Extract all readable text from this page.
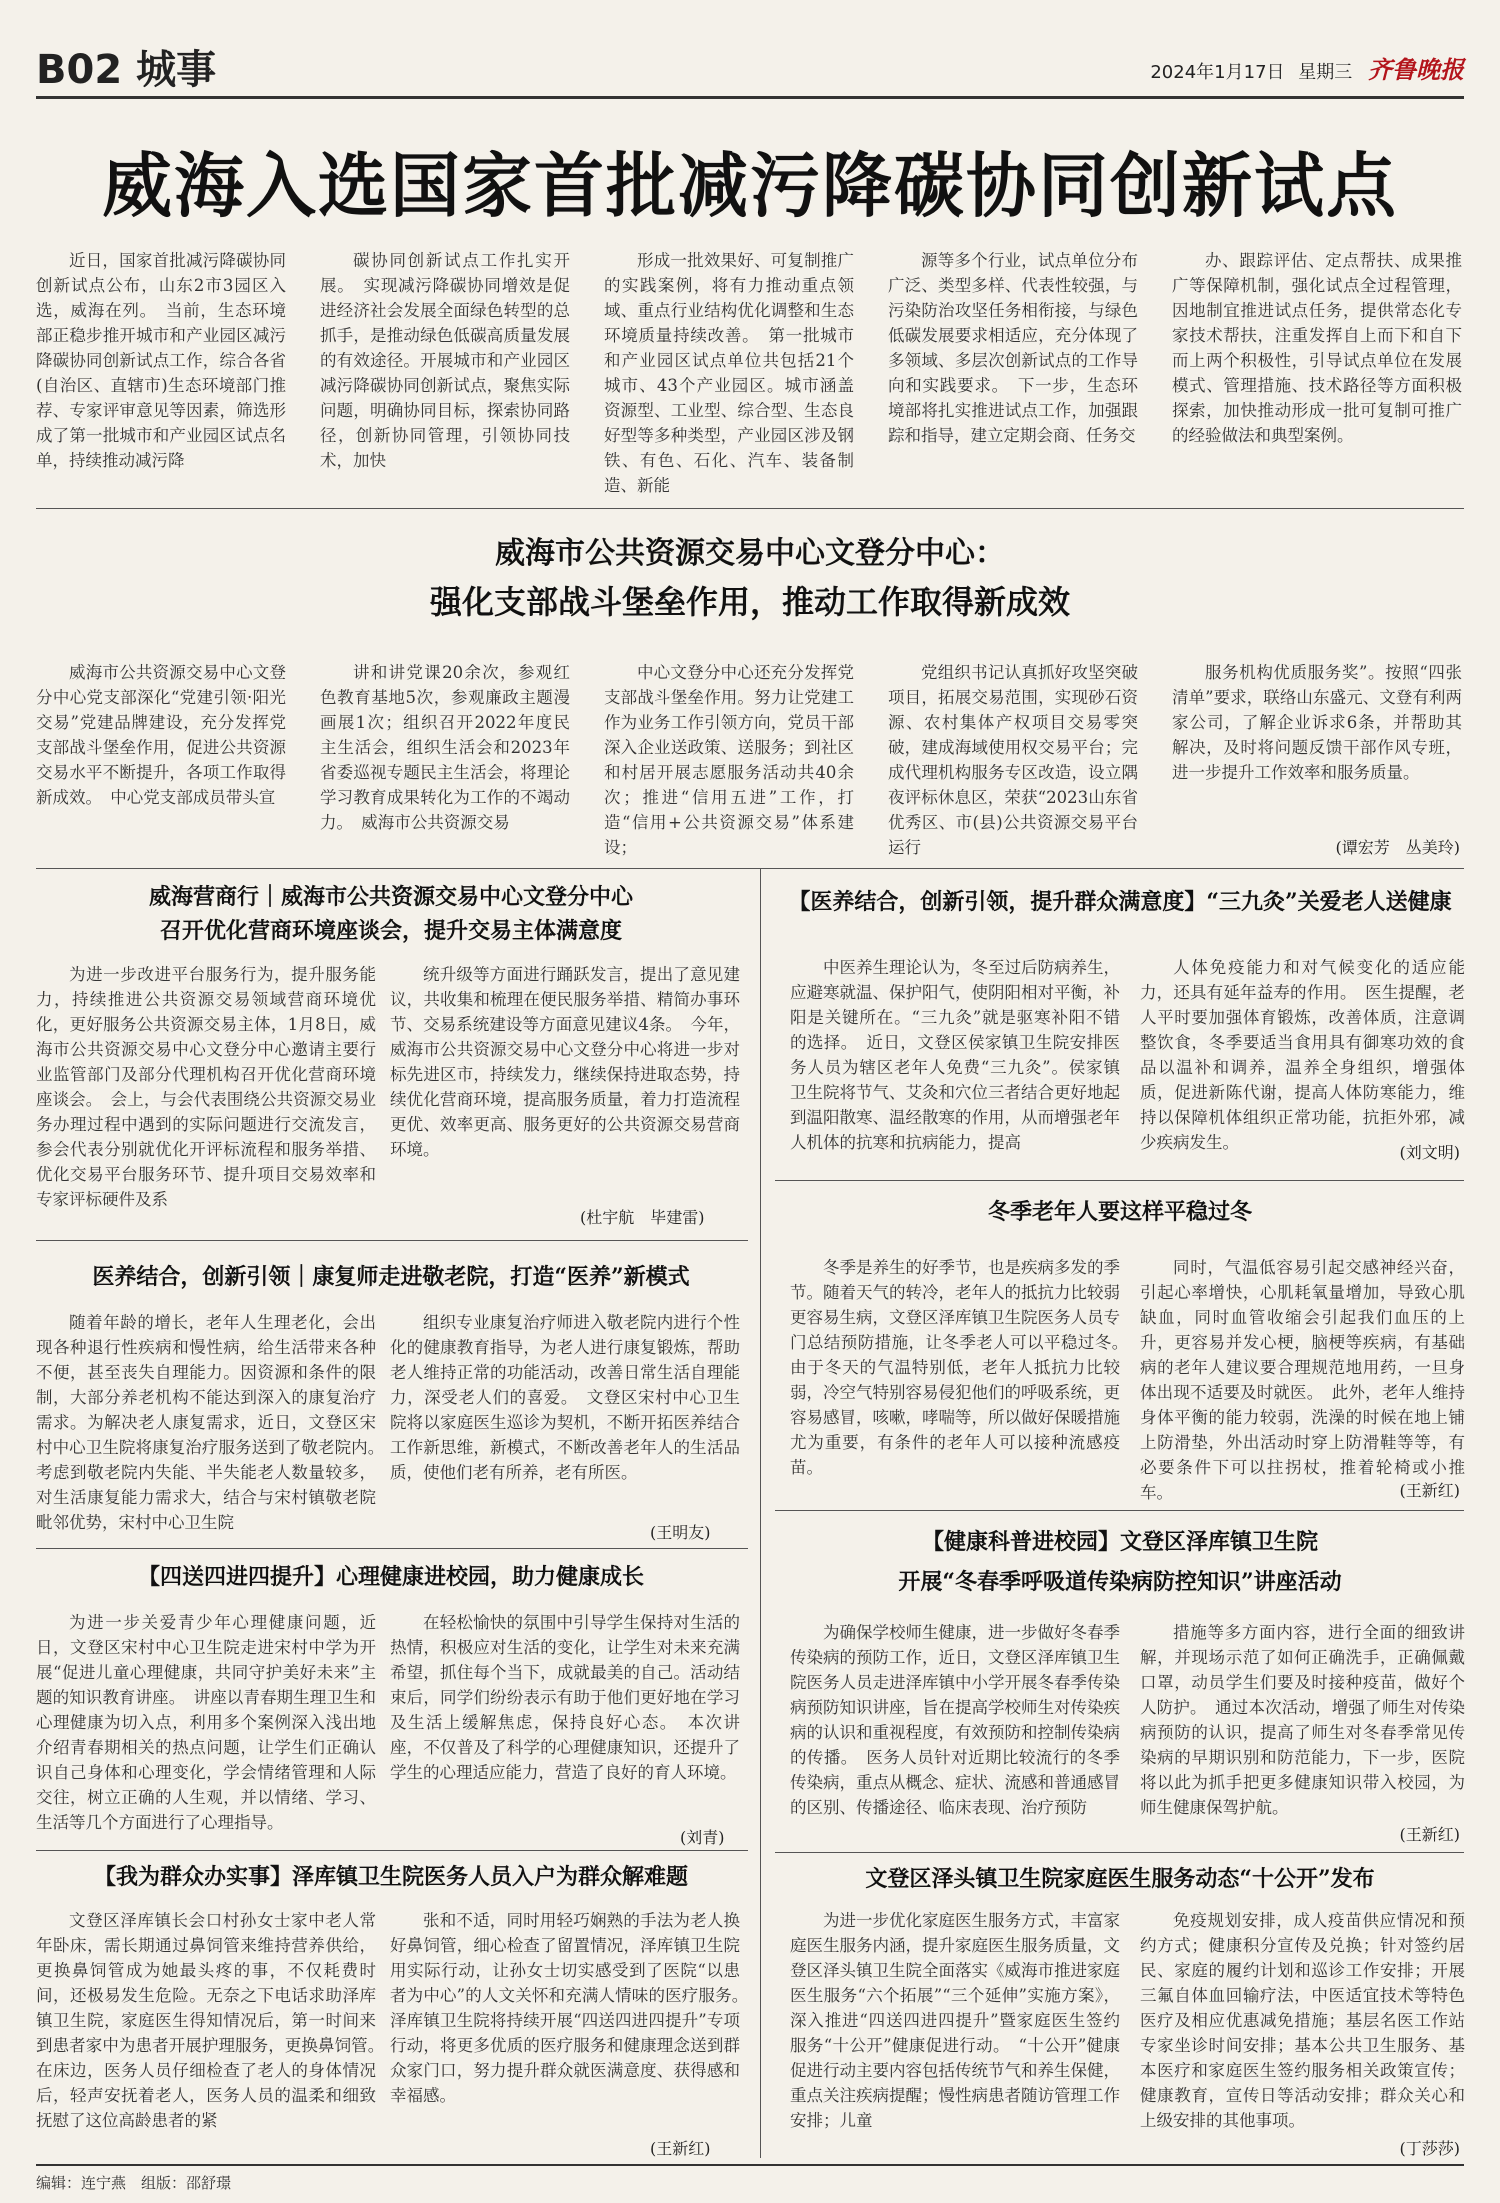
B02 城事	2024年1月17日 星期三 齐鲁晚报
威海入选国家首批减污降碳协同创新试点

近日，国家首批减污降碳协同创新试点公布，山东2市3园区入选，威海在列。　当前，生态环境部正稳步推开城市和产业园区减污降碳协同创新试点工作，综合各省(自治区、直辖市)生态环境部门推荐、专家评审意见等因素，筛选形成了第一批城市和产业园区试点名单，持续推动减污降

碳协同创新试点工作扎实开展。　实现减污降碳协同增效是促进经济社会发展全面绿色转型的总抓手，是推动绿色低碳高质量发展的有效途径。开展城市和产业园区减污降碳协同创新试点，聚焦实际问题，明确协同目标，探索协同路径，创新协同管理，引领协同技术，加快

形成一批效果好、可复制推广的实践案例，将有力推动重点领域、重点行业结构优化调整和生态环境质量持续改善。　第一批城市和产业园区试点单位共包括21个城市、43个产业园区。城市涵盖资源型、工业型、综合型、生态良好型等多种类型，产业园区涉及钢铁、有色、石化、汽车、装备制造、新能

源等多个行业，试点单位分布广泛、类型多样、代表性较强，与污染防治攻坚任务相衔接，与绿色低碳发展要求相适应，充分体现了多领域、多层次创新试点的工作导向和实践要求。　下一步，生态环境部将扎实推进试点工作，加强跟踪和指导，建立定期会商、任务交

办、跟踪评估、定点帮扶、成果推广等保障机制，强化试点全过程管理，因地制宜推进试点任务，提供常态化专家技术帮扶，注重发挥自上而下和自下而上两个积极性，引导试点单位在发展模式、管理措施、技术路径等方面积极探索，加快推动形成一批可复制可推广的经验做法和典型案例。

威海市公共资源交易中心文登分中心：
强化支部战斗堡垒作用，推动工作取得新成效

威海市公共资源交易中心文登分中心党支部深化“党建引领·阳光交易”党建品牌建设，充分发挥党支部战斗堡垒作用，促进公共资源交易水平不断提升，各项工作取得新成效。　中心党支部成员带头宣

讲和讲党课20余次，参观红色教育基地5次，参观廉政主题漫画展1次；组织召开2022年度民主生活会，组织生活会和2023年省委巡视专题民主生活会，将理论学习教育成果转化为工作的不竭动力。　威海市公共资源交易

中心文登分中心还充分发挥党支部战斗堡垒作用。努力让党建工作为业务工作引领方向，党员干部深入企业送政策、送服务；到社区和村居开展志愿服务活动共40余次；推进“信用五进”工作，打造“信用+公共资源交易”体系建设；

党组织书记认真抓好攻坚突破项目，拓展交易范围，实现砂石资源、农村集体产权项目交易零突破，建成海域使用权交易平台；完成代理机构服务专区改造，设立隅夜评标休息区，荣获“2023山东省优秀区、市(县)公共资源交易平台运行

服务机构优质服务奖”。按照“四张清单”要求，联络山东盛元、文登有利两家公司，了解企业诉求6条，并帮助其解决，及时将问题反馈干部作风专班，进一步提升工作效率和服务质量。

(谭宏芳　丛美玲)
威海营商行｜威海市公共资源交易中心文登分中心
召开优化营商环境座谈会，提升交易主体满意度

为进一步改进平台服务行为，提升服务能力，持续推进公共资源交易领域营商环境优化，更好服务公共资源交易主体，1月8日，威海市公共资源交易中心文登分中心邀请主要行业监管部门及部分代理机构召开优化营商环境座谈会。　会上，与会代表围绕公共资源交易业务办理过程中遇到的实际问题进行交流发言，参会代表分别就优化开评标流程和服务举措、优化交易平台服务环节、提升项目交易效率和专家评标硬件及系

统升级等方面进行踊跃发言，提出了意见建议，共收集和梳理在便民服务举措、精简办事环节、交易系统建设等方面意见建议4条。　今年，威海市公共资源交易中心文登分中心将进一步对标先进区市，持续发力，继续保持进取态势，持续优化营商环境，提高服务质量，着力打造流程更优、效率更高、服务更好的公共资源交易营商环境。

(杜宇航　毕建雷)
医养结合，创新引领｜康复师走进敬老院，打造“医养”新模式

随着年龄的增长，老年人生理老化，会出现各种退行性疾病和慢性病，给生活带来各种不便，甚至丧失自理能力。因资源和条件的限制，大部分养老机构不能达到深入的康复治疗需求。为解决老人康复需求，近日，文登区宋村中心卫生院将康复治疗服务送到了敬老院内。　考虑到敬老院内失能、半失能老人数量较多，对生活康复能力需求大，结合与宋村镇敬老院毗邻优势，宋村中心卫生院

组织专业康复治疗师进入敬老院内进行个性化的健康教育指导，为老人进行康复锻炼，帮助老人维持正常的功能活动，改善日常生活自理能力，深受老人们的喜爱。　文登区宋村中心卫生院将以家庭医生巡诊为契机，不断开拓医养结合工作新思维，新模式，不断改善老年人的生活品质，使他们老有所养，老有所医。

(王明友)
【四送四进四提升】心理健康进校园，助力健康成长

为进一步关爱青少年心理健康问题，近日，文登区宋村中心卫生院走进宋村中学为开展“促进儿童心理健康，共同守护美好未来”主题的知识教育讲座。　讲座以青春期生理卫生和心理健康为切入点，利用多个案例深入浅出地介绍青春期相关的热点问题，让学生们正确认识自己身体和心理变化，学会情绪管理和人际交往，树立正确的人生观，并以情绪、学习、生活等几个方面进行了心理指导。

在轻松愉快的氛围中引导学生保持对生活的热情，积极应对生活的变化，让学生对未来充满希望，抓住每个当下，成就最美的自己。活动结束后，同学们纷纷表示有助于他们更好地在学习及生活上缓解焦虑，保持良好心态。　本次讲座，不仅普及了科学的心理健康知识，还提升了学生的心理适应能力，营造了良好的育人环境。

(刘青)
【我为群众办实事】泽库镇卫生院医务人员入户为群众解难题

文登区泽库镇长会口村孙女士家中老人常年卧床，需长期通过鼻饲管来维持营养供给，更换鼻饲管成为她最头疼的事，不仅耗费时间，还极易发生危险。无奈之下电话求助泽库镇卫生院，家庭医生得知情况后，第一时间来到患者家中为患者开展护理服务，更换鼻饲管。　在床边，医务人员仔细检查了老人的身体情况后，轻声安抚着老人，医务人员的温柔和细致抚慰了这位高龄患者的紧

张和不适，同时用轻巧娴熟的手法为老人换好鼻饲管，细心检查了留置情况，泽库镇卫生院用实际行动，让孙女士切实感受到了医院“以患者为中心”的人文关怀和充满人情味的医疗服务。　泽库镇卫生院将持续开展“四送四进四提升”专项行动，将更多优质的医疗服务和健康理念送到群众家门口，努力提升群众就医满意度、获得感和幸福感。

(王新红)
【医养结合，创新引领，提升群众满意度】“三九灸”关爱老人送健康

中医养生理论认为，冬至过后防病养生，应避寒就温、保护阳气，使阴阳相对平衡，补阳是关键所在。“三九灸”就是驱寒补阳不错的选择。　近日，文登区侯家镇卫生院安排医务人员为辖区老年人免费“三九灸”。侯家镇卫生院将节气、艾灸和穴位三者结合更好地起到温阳散寒、温经散寒的作用，从而增强老年人机体的抗寒和抗病能力，提高

人体免疫能力和对气候变化的适应能力，还具有延年益寿的作用。　医生提醒，老人平时要加强体育锻炼，改善体质，注意调整饮食，冬季要适当食用具有御寒功效的食品以温补和调养，温养全身组织，增强体质，促进新陈代谢，提高人体防寒能力，维持以保障机体组织正常功能，抗拒外邪，减少疾病发生。

(刘文明)
冬季老年人要这样平稳过冬

冬季是养生的好季节，也是疾病多发的季节。随着天气的转冷，老年人的抵抗力比较弱更容易生病，文登区泽库镇卫生院医务人员专门总结预防措施，让冬季老人可以平稳过冬。　由于冬天的气温特别低，老年人抵抗力比较弱，冷空气特别容易侵犯他们的呼吸系统，更容易感冒，咳嗽，哮喘等，所以做好保暖措施尤为重要，有条件的老年人可以接种流感疫苗。

同时，气温低容易引起交感神经兴奋，引起心率增快，心肌耗氧量增加，导致心肌缺血，同时血管收缩会引起我们血压的上升，更容易并发心梗，脑梗等疾病，有基础病的老年人建议要合理规范地用药，一旦身体出现不适要及时就医。　此外，老年人维持身体平衡的能力较弱，洗澡的时候在地上铺上防滑垫，外出活动时穿上防滑鞋等等，有必要条件下可以拄拐杖，推着轮椅或小推车。	(王新红)
【健康科普进校园】文登区泽库镇卫生院
开展“冬春季呼吸道传染病防控知识”讲座活动

为确保学校师生健康，进一步做好冬春季传染病的预防工作，近日，文登区泽库镇卫生院医务人员走进泽库镇中小学开展冬春季传染病预防知识讲座，旨在提高学校师生对传染疾病的认识和重视程度，有效预防和控制传染病的传播。　医务人员针对近期比较流行的冬季传染病，重点从概念、症状、流感和普通感冒的区别、传播途径、临床表现、治疗预防

措施等多方面内容，进行全面的细致讲解，并现场示范了如何正确洗手，正确佩戴口罩，动员学生们要及时接种疫苗，做好个人防护。　通过本次活动，增强了师生对传染病预防的认识，提高了师生对冬春季常见传染病的早期识别和防范能力，下一步，医院将以此为抓手把更多健康知识带入校园，为师生健康保驾护航。

(王新红)
文登区泽头镇卫生院家庭医生服务动态“十公开”发布

为进一步优化家庭医生服务方式，丰富家庭医生服务内涵，提升家庭医生服务质量，文登区泽头镇卫生院全面落实《威海市推进家庭医生服务“六个拓展”“三个延伸”实施方案》，深入推进“四送四进四提升”暨家庭医生签约服务“十公开”健康促进行动。　“十公开”健康促进行动主要内容包括传统节气和养生保健，重点关注疾病提醒；慢性病患者随访管理工作安排；儿童

免疫规划安排，成人疫苗供应情况和预约方式；健康积分宣传及兑换；针对签约居民、家庭的履约计划和巡诊工作安排；开展三氟自体血回输疗法，中医适宜技术等特色医疗及相应优惠减免措施；基层名医工作站专家坐诊时间安排；基本公共卫生服务、基本医疗和家庭医生签约服务相关政策宣传；健康教育，宣传日等活动安排；群众关心和上级安排的其他事项。

(丁莎莎)
编辑：连宁燕　组版：邵舒璟
